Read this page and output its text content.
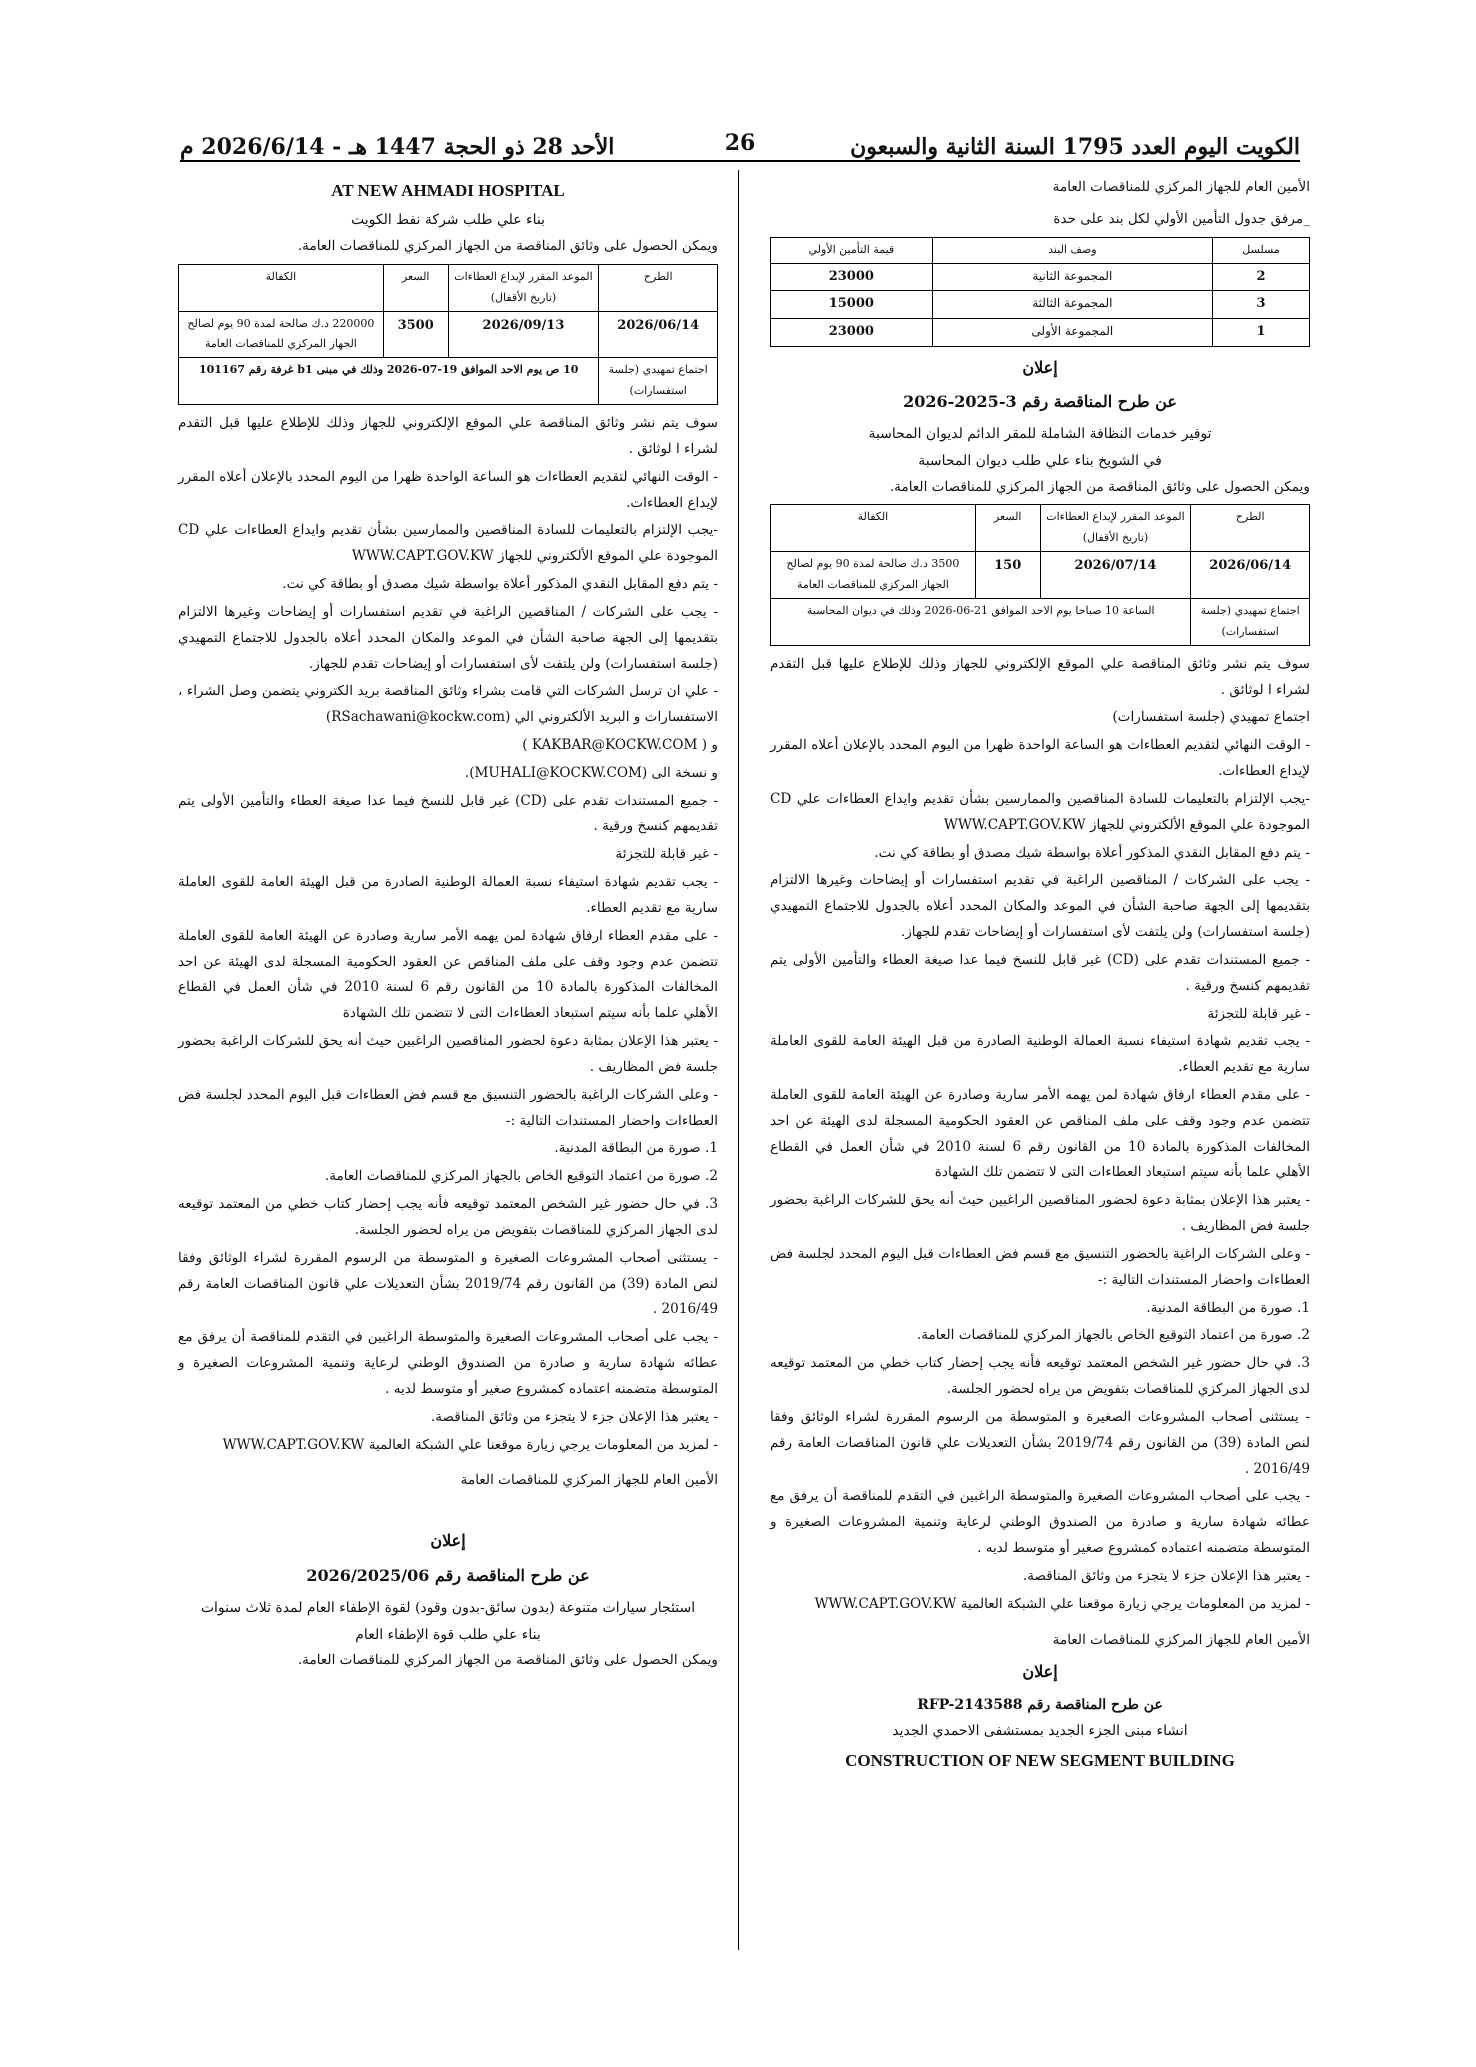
الكويت اليوم العدد 1795 السنة الثانية والسبعون
26
الأحد 28 ذو الحجة 1447 هـ - 2026/6/14 م

الأمين العام للجهاز المركزي للمناقصات العامة

_مرفق جدول التأمين الأولي لكل بند على حدة

مسلسل	وصف البند	قيمة التأمين الأولي
2	المجموعة الثانية	23000
3	المجموعة الثالثة	15000
1	المجموعة الأولى	23000
إعلان
عن طرح المناقصة رقم 3-2025-2026
توفير خدمات النظافة الشاملة للمقر الدائم لديوان المحاسبة
في الشويخ بناء علي طلب ديوان المحاسبة

ويمكن الحصول على وثائق المناقصة من الجهاز المركزي للمناقصات العامة.

الطرح	الموعد المقرر لإيداع العطاءات (تاريخ الأقفال)	السعر	الكفالة
2026/06/14	2026/07/14	150	3500 د.ك صالحة لمدة 90 يوم لصالح الجهاز المركزي للمناقصات العامة
اجتماع تمهيدي (جلسة استفسارات)	الساعة 10 صباحا يوم الاحد الموافق 21-06-2026 وذلك في ديوان المحاسبة		

سوف يتم نشر وثائق المناقصة علي الموقع الإلكتروني للجهاز وذلك للإطلاع عليها قبل التقدم لشراء ا لوثائق .

اجتماع تمهيدي (جلسة استفسارات)

- الوقت النهائي لتقديم العطاءات هو الساعة الواحدة ظهرا من اليوم المحدد بالإعلان أعلاه المقرر لإيداع العطاءات.

-يجب الإلتزام بالتعليمات للسادة المناقصين والممارسين بشأن تقديم وايداع العطاءات علي CD الموجودة علي الموقع الألكتروني للجهاز WWW.CAPT.GOV.KW

- يتم دفع المقابل النقدي المذكور أعلاة بواسطة شيك مصدق أو بطاقة كي نت.

- يجب على الشركات / المناقصين الراغبة في تقديم استفسارات أو إيضاحات وغيرها الالتزام بتقديمها إلى الجهة صاحبة الشأن في الموعد والمكان المحدد أعلاه بالجدول للاجتماع التمهيدي (جلسة استفسارات) ولن يلتفت لأى استفسارات أو إيضاحات تقدم للجهاز.

- جميع المستندات تقدم على (CD) غير قابل للنسخ فيما عدا صيغة العطاء والتأمين الأولى يتم تقديمهم كنسخ ورقية .

- غير قابلة للتجزئة

- يجب تقديم شهادة استيفاء نسبة العمالة الوطنية الصادرة من قبل الهيئة العامة للقوى العاملة سارية مع تقديم العطاء.

- على مقدم العطاء ارفاق شهادة لمن يهمه الأمر سارية وصادرة عن الهيئة العامة للقوى العاملة تتضمن عدم وجود وقف على ملف المناقص عن العقود الحكومية المسجلة لدى الهيئة عن احد المخالفات المذكورة بالمادة 10 من القانون رقم 6 لسنة 2010 في شأن العمل في القطاع الأهلي علما بأنه سيتم استبعاد العطاءات التى لا تتضمن تلك الشهادة

- يعتبر هذا الإعلان بمثابة دعوة لحضور المناقصين الراغبين حيث أنه يحق للشركات الراغبة بحضور جلسة فض المظاريف .

- وعلى الشركات الراغبة بالحضور التنسيق مع قسم فض العطاءات قبل اليوم المحدد لجلسة فض العطاءات واحضار المستندات التالية :-

1. صورة من البطاقة المدنية.

2. صورة من اعتماد التوقيع الخاص بالجهاز المركزي للمناقصات العامة.

3. في حال حضور غير الشخص المعتمد توقيعه فأنه يجب إحضار كتاب خطي من المعتمد توقيعه لدى الجهاز المركزي للمناقصات بتفويض من يراه لحضور الجلسة.

- يستثنى أصحاب المشروعات الصغيرة و المتوسطة من الرسوم المقررة لشراء الوثائق وفقا لنص المادة (39) من القانون رقم 2019/74 بشأن التعديلات علي قانون المناقصات العامة رقم 2016/49 .

- يجب على أصحاب المشروعات الصغيرة والمتوسطة الراغبين في التقدم للمناقصة أن يرفق مع عطائه شهادة سارية و صادرة من الصندوق الوطني لرعاية وتنمية المشروعات الصغيرة و المتوسطة متضمنه اعتماده كمشروع صغير أو متوسط لديه .

- يعتبر هذا الإعلان جزء لا يتجزء من وثائق المناقصة.

- لمزيد من المعلومات يرجي زيارة موقعنا علي الشبكة العالمية WWW.CAPT.GOV.KW

الأمين العام للجهاز المركزي للمناقصات العامة

إعلان
عن طرح المناقصة رقم RFP-2143588
انشاء مبنى الجزء الجديد بمستشفى الاحمدي الجديد
CONSTRUCTION OF NEW SEGMENT BUILDING
AT NEW AHMADI HOSPITAL
بناء علي طلب شركة نفط الكويت

ويمكن الحصول على وثائق المناقصة من الجهاز المركزي للمناقصات العامة.

الطرح	الموعد المقرر لإيداع العطاءات (تاريخ الأقفال)	السعر	الكفالة
2026/06/14	2026/09/13	3500	220000 د.ك صالحة لمدة 90 يوم لصالح الجهاز المركزي للمناقصات العامة
اجتماع تمهيدي (جلسة استفسارات)	10 ص يوم الاحد الموافق 19-07-2026 وذلك في مبنى b1 غرفة رقم 101167		

سوف يتم نشر وثائق المناقصة علي الموقع الإلكتروني للجهاز وذلك للإطلاع عليها قبل التقدم لشراء ا لوثائق .

- الوقت النهائي لتقديم العطاءات هو الساعة الواحدة ظهرا من اليوم المحدد بالإعلان أعلاه المقرر لإيداع العطاءات.

-يجب الإلتزام بالتعليمات للسادة المناقصين والممارسين بشأن تقديم وايداع العطاءات علي CD الموجودة علي الموقع الألكتروني للجهاز WWW.CAPT.GOV.KW

- يتم دفع المقابل النقدي المذكور أعلاة بواسطة شيك مصدق أو بطاقة كي نت.

- يجب على الشركات / المناقصين الراغبة في تقديم استفسارات أو إيضاحات وغيرها الالتزام بتقديمها إلى الجهة صاحبة الشأن في الموعد والمكان المحدد أعلاه بالجدول للاجتماع التمهيدي (جلسة استفسارات) ولن يلتفت لأى استفسارات أو إيضاحات تقدم للجهاز.

- علي ان ترسل الشركات التي قامت بشراء وثائق المناقصة بريد الكتروني يتضمن وصل الشراء ، الاستفسارات و البريد الألكتروني الي (RSachawani@kockw.com)

و ( KAKBAR@KOCKW.COM )

و نسخة الى (MUHALI@KOCKW.COM).

- جميع المستندات تقدم على (CD) غير قابل للنسخ فيما عدا صيغة العطاء والتأمين الأولى يتم تقديمهم كنسخ ورقية .

- غير قابلة للتجزئة

- يجب تقديم شهادة استيفاء نسبة العمالة الوطنية الصادرة من قبل الهيئة العامة للقوى العاملة سارية مع تقديم العطاء.

- على مقدم العطاء ارفاق شهادة لمن يهمه الأمر سارية وصادرة عن الهيئة العامة للقوى العاملة تتضمن عدم وجود وقف على ملف المناقص عن العقود الحكومية المسجلة لدى الهيئة عن احد المخالفات المذكورة بالمادة 10 من القانون رقم 6 لسنة 2010 في شأن العمل في القطاع الأهلي علما بأنه سيتم استبعاد العطاءات التى لا تتضمن تلك الشهادة

- يعتبر هذا الإعلان بمثابة دعوة لحضور المناقصين الراغبين حيث أنه يحق للشركات الراغبة بحضور جلسة فض المظاريف .

- وعلى الشركات الراغبة بالحضور التنسيق مع قسم فض العطاءات قبل اليوم المحدد لجلسة فض العطاءات واحضار المستندات التالية :-

1. صورة من البطاقة المدنية.

2. صورة من اعتماد التوقيع الخاص بالجهاز المركزي للمناقصات العامة.

3. في حال حضور غير الشخص المعتمد توقيعه فأنه يجب إحضار كتاب خطي من المعتمد توقيعه لدى الجهاز المركزي للمناقصات بتفويض من يراه لحضور الجلسة.

- يستثنى أصحاب المشروعات الصغيرة و المتوسطة من الرسوم المقررة لشراء الوثائق وفقا لنص المادة (39) من القانون رقم 2019/74 بشأن التعديلات علي قانون المناقصات العامة رقم 2016/49 .

- يجب على أصحاب المشروعات الصغيرة والمتوسطة الراغبين في التقدم للمناقصة أن يرفق مع عطائه شهادة سارية و صادرة من الصندوق الوطني لرعاية وتنمية المشروعات الصغيرة و المتوسطة متضمنه اعتماده كمشروع صغير أو متوسط لديه .

- يعتبر هذا الإعلان جزء لا يتجزء من وثائق المناقصة.

- لمزيد من المعلومات يرجي زيارة موقعنا علي الشبكة العالمية WWW.CAPT.GOV.KW

الأمين العام للجهاز المركزي للمناقصات العامة

إعلان
عن طرح المناقصة رقم 2026/2025/06
استئجار سيارات متنوعة (بدون سائق-بدون وقود) لقوة الإطفاء العام لمدة ثلاث سنوات
بناء علي طلب قوة الإطفاء العام

ويمكن الحصول على وثائق المناقصة من الجهاز المركزي للمناقصات العامة.
